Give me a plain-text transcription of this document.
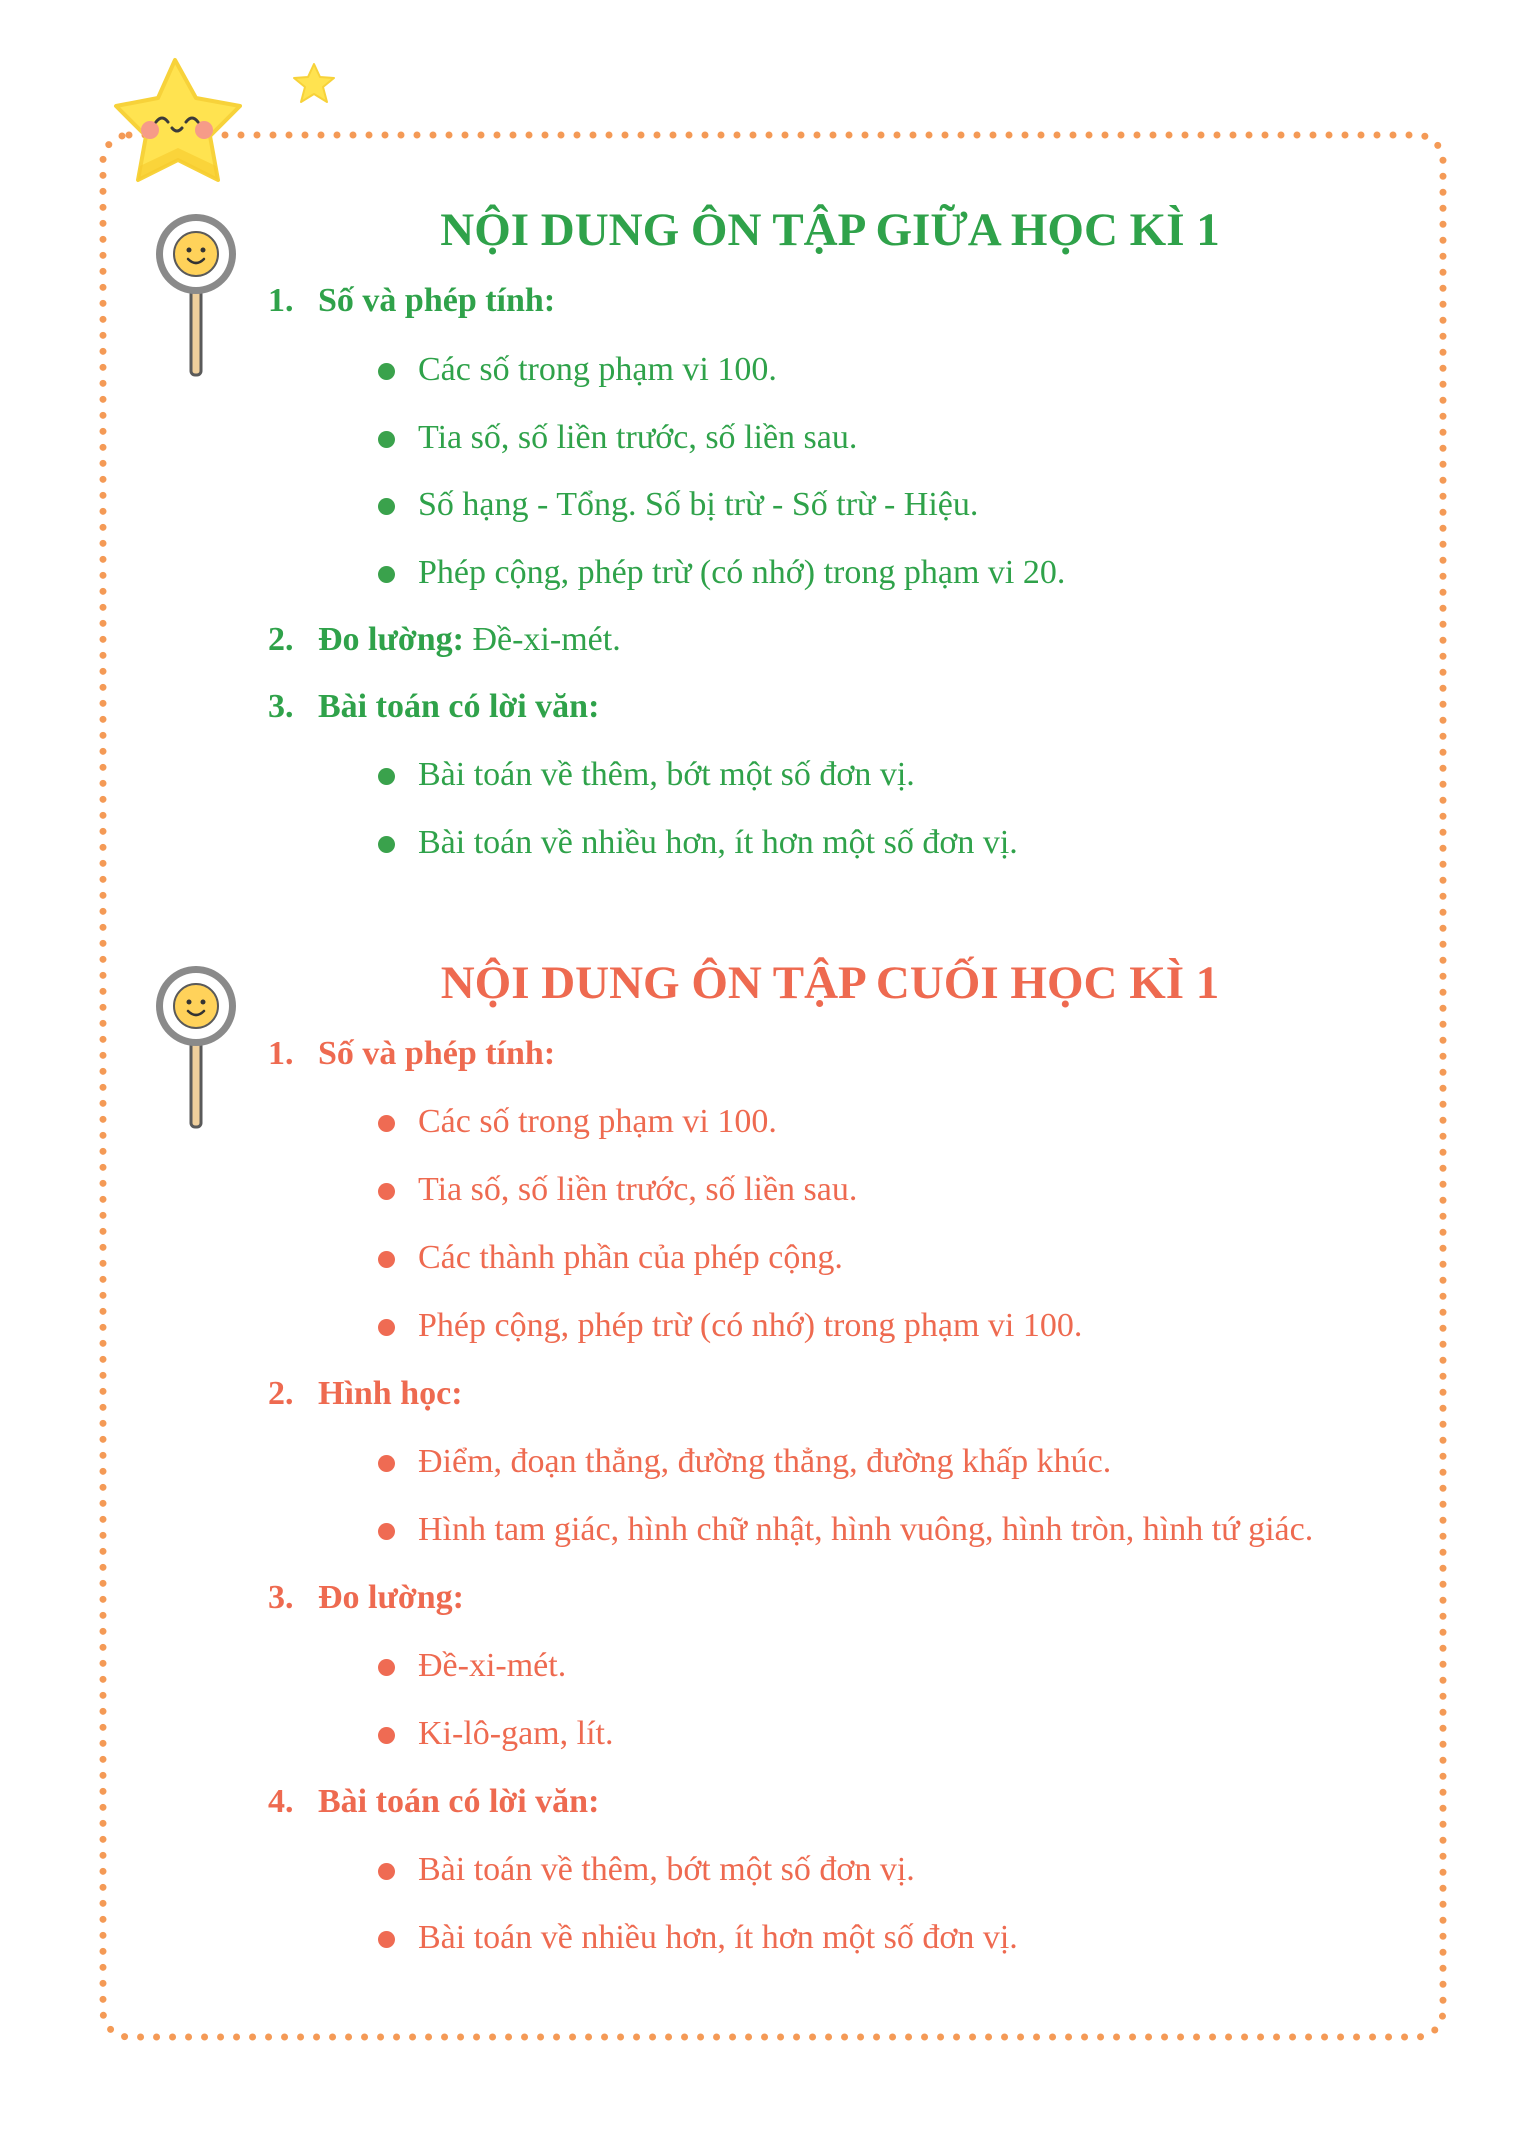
NỘI DUNG ÔN TẬP GIỮA HỌC KÌ 1
1. Số và phép tính:
Các số trong phạm vi 100.
Tia số, số liền trước, số liền sau.
Số hạng - Tổng. Số bị trừ - Số trừ - Hiệu.
Phép cộng, phép trừ (có nhớ) trong phạm vi 20.
2. Đo lường: Đề-xi-mét.
3. Bài toán có lời văn:
Bài toán về thêm, bớt một số đơn vị.
Bài toán về nhiều hơn, ít hơn một số đơn vị.
NỘI DUNG ÔN TẬP CUỐI HỌC KÌ 1
1. Số và phép tính:
Các số trong phạm vi 100.
Tia số, số liền trước, số liền sau.
Các thành phần của phép cộng.
Phép cộng, phép trừ (có nhớ) trong phạm vi 100.
2. Hình học:
Điểm, đoạn thẳng, đường thẳng, đường khấp khúc.
Hình tam giác, hình chữ nhật, hình vuông, hình tròn, hình tứ giác.
3. Đo lường:
Đề-xi-mét.
Ki-lô-gam, lít.
4. Bài toán có lời văn:
Bài toán về thêm, bớt một số đơn vị.
Bài toán về nhiều hơn, ít hơn một số đơn vị.
